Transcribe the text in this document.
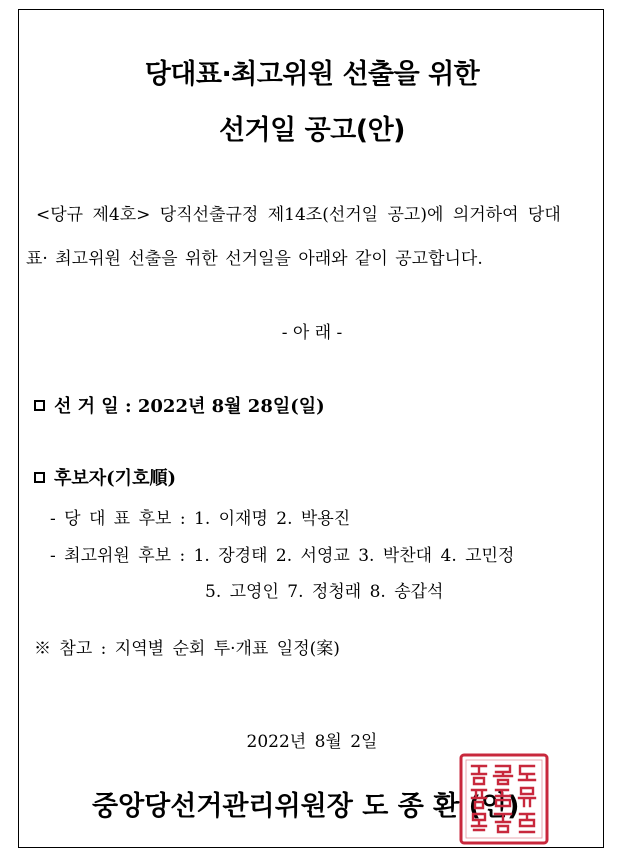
당대표·최고위원 선출을 위한
선거일 공고(안)
<당규 제4호> 당직선출규정 제14조(선거일 공고)에 의거하여 당대
표· 최고위원 선출을 위한 선거일을 아래와 같이 공고합니다.
- 아 래 -
선 거 일 : 2022년 8월 28일(일)
후보자(기호順)
- 당 대 표 후보 : 1. 이재명 2. 박용진
- 최고위원 후보 : 1. 장경태 2. 서영교 3. 박찬대 4. 고민정
5. 고영인 7. 정청래 8. 송갑석
※ 참고 : 지역별 순회 투·개표 일정(案)
2022년 8월 2일
중앙당선거관리위원장 도 종 환 (인)
